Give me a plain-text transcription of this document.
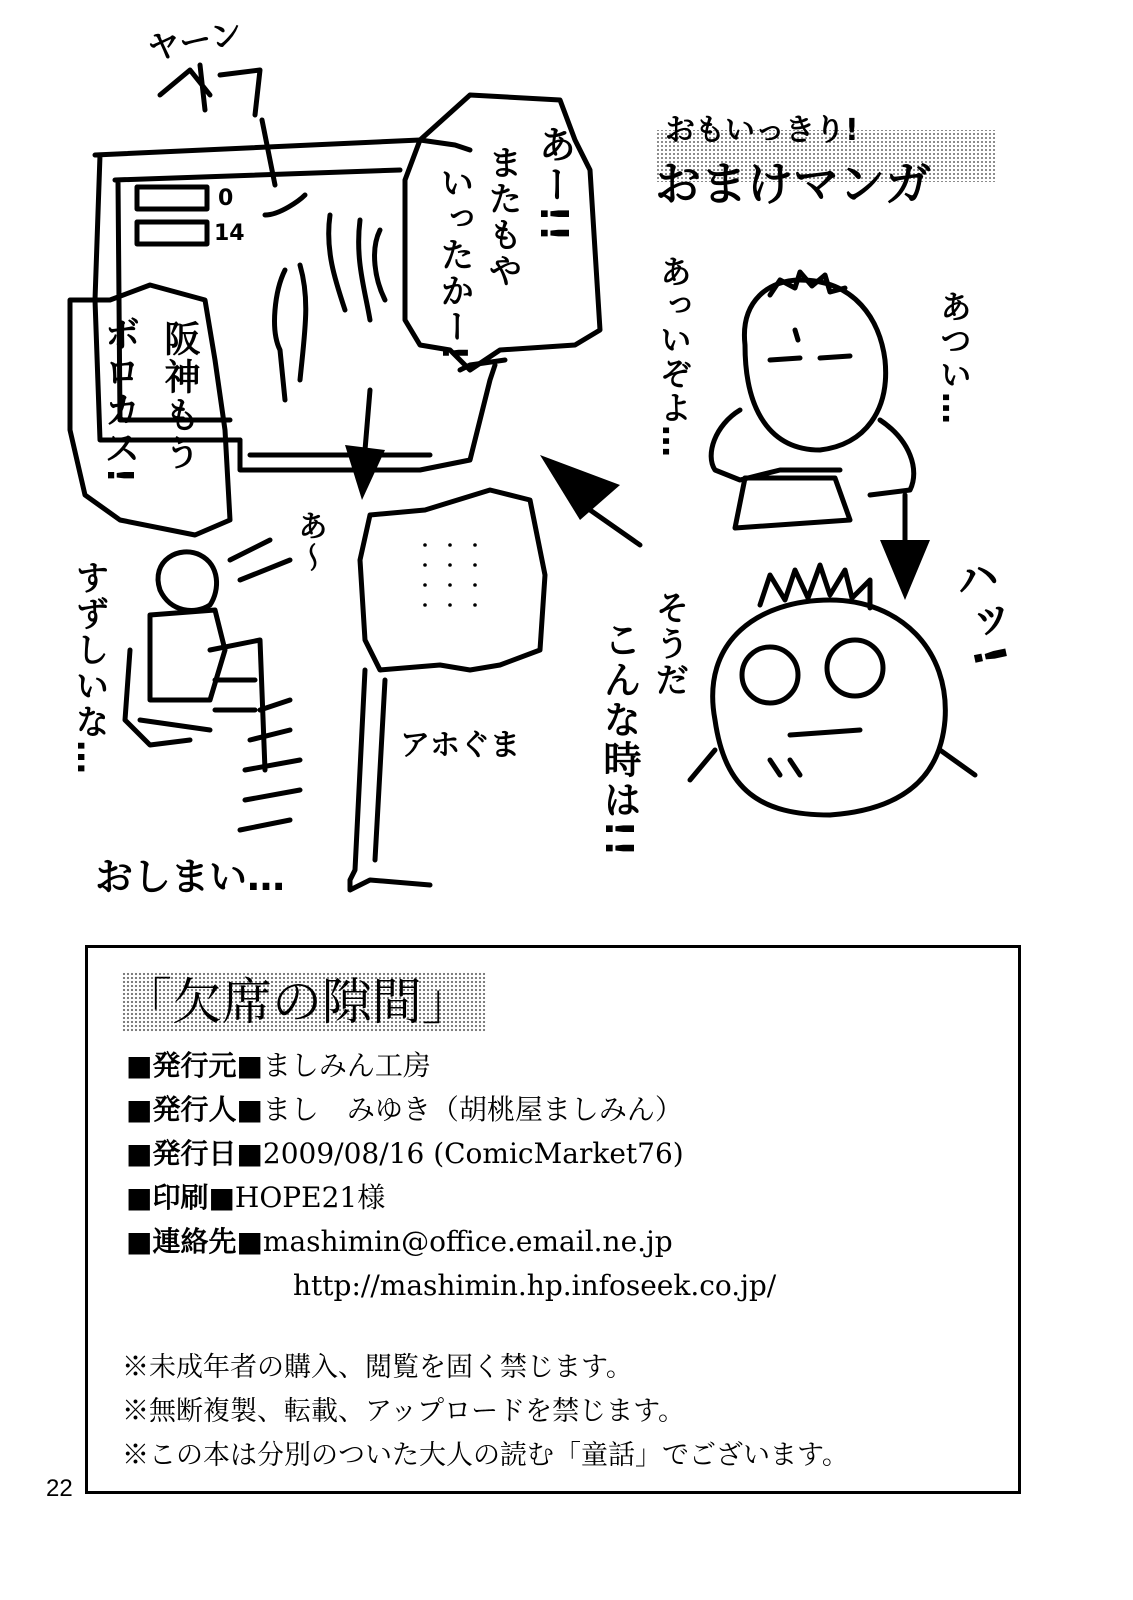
ヤーン
0
14
おもいっきり!
おまけマンガ
アホぐま
おしまい…
あー!!
またもや
いったかー!
阪神もう
ボロカス!	あっいぞよ…	あつい…
ハッ!
そうだ
こんな時は!!
すずしいな…
あ〜
「欠席の隙間」
■発行元■ましみん工房
■発行人■まし　みゆき（胡桃屋ましみん）
■発行日■2009/08/16 (ComicMarket76)
■印刷■HOPE21様
■連絡先■mashimin@office.email.ne.jp
http://mashimin.hp.infoseek.co.jp/
※未成年者の購入、閲覧を固く禁じます。
※無断複製、転載、アップロードを禁じます。
※この本は分別のついた大人の読む「童話」でございます。
22
